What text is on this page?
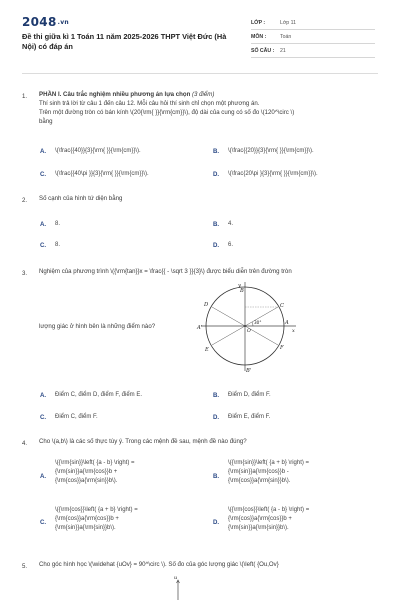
2048.vn
Đề thi giữa kì 1 Toán 11 năm 2025-2026 THPT Việt Đức (Hà Nội) có đáp án
LỚP :	Lớp 11
MÔN :	Toán
SỐ CÂU :	21
1. PHẦN I. Câu trắc nghiệm nhiều phương án lựa chọn (3 điểm)
Thí sinh trả lời từ câu 1 đến câu 12. Mỗi câu hỏi thí sinh chỉ chọn một phương án.
Trên một đường tròn có bán kính \(20{\rm{ }}{\rm{cm}}\), độ dài của cung có số đo \(120^\circ \)
bằng
A. \(\frac{{40}}{3}{\rm{ }}{\rm{cm}}\).	B. \(\frac{{20}}{3}{\rm{ }}{\rm{cm}}\).
C. \(\frac{{40\pi }}{3}{\rm{ }}{\rm{cm}}\).	D. \(\frac{20\pi }{3}{\rm{ }}{\rm{cm}}\).
2. Số cạnh của hình tứ diện bằng
A. 8.	B. 4.
C. 8.	D. 6.
3. Nghiệm của phương trình \({\rm{tan}}x = \frac{{ - \sqrt 3 }}{3}\) được biểu diễn trên đường tròn
lượng giác ở hình bên là những điểm nào?
y
B
C
D
A'
A
E	F
B'
O	x
30°
A. Điểm C, điểm D, điểm F, điểm E.	B. Điểm D, điểm F.
C. Điểm C, điểm F.	D. Điểm E, điểm F.
4. Cho \(a,b\) là các số thực tùy ý. Trong các mệnh đề sau, mệnh đề nào đúng?
A.
\({\rm{sin}}\left( {a - b} \right) =
{\rm{sin}}a{\rm{cos}}b +
{\rm{cos}}a{\rm{sin}}b\).
B.
\({\rm{sin}}\left( {a + b} \right) =
{\rm{sin}}a{\rm{cos}}b -
{\rm{cos}}a{\rm{sin}}b\).
C.
\({\rm{cos}}\left( {a + b} \right) =
{\rm{cos}}a{\rm{cos}}b +
{\rm{sin}}a{\rm{sin}}b\).
D.
\({\rm{cos}}\left( {a - b} \right) =
{\rm{cos}}a{\rm{cos}}b +
{\rm{sin}}a{\rm{sin}}b\).
5. Cho góc hình học \(\widehat {uOv} = 90^\circ \). Số đo của góc lượng giác \(\left( {Ou,Ov}
u
